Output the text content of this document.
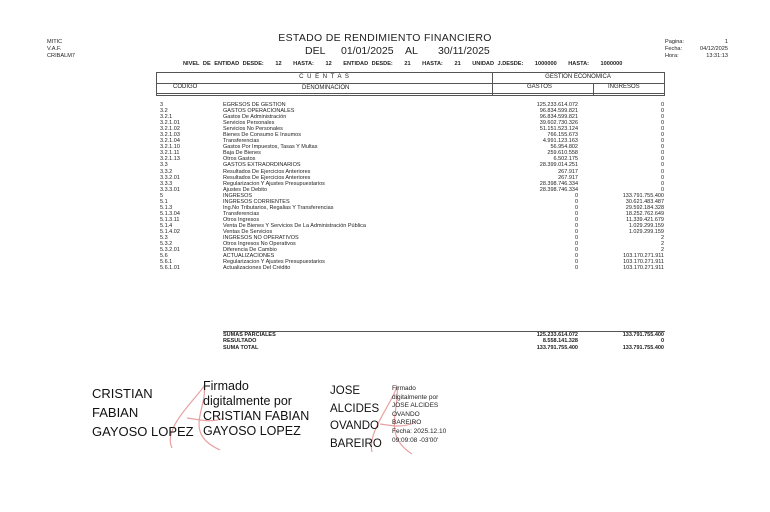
MITIC
V.A.F.
CRIBALM7
ESTADO DE RENDIMIENTO FINANCIERO
DEL 01/01/2025 AL 30/11/2025
Pagina:
Fecha:
Hora:
1
04/12/2025
13:31:13
NIVEL DE ENTIDAD DESDE: 12 HASTA: 12 ENTIDAD DESDE: 21 HASTA: 21 UNIDAD J.DESDE: 1000000 HASTA: 1000000
C U E N T A S	GESTION ECONOMICA
CODIGO	DENOMINACION	GASTOS	INGRESOS
3	EGRESOS DE GESTION	125.233.614.072	0
3.2	GASTOS OPERACIONALES	96.834.599.821	0
3.2.1	Gastos De Administración	96.834.599.821	0
3.2.1.01	Servicios Personales	39.602.730.326	0
3.2.1.02	Servicios No Personales	51.151.523.124	0
3.2.1.03	Bienes De Consumo E Insumos	766.155.673	0
3.2.1.04	Transferencias	4.991.123.163	0
3.2.1.10	Gastos Por Impuestos, Tasas Y Multas	56.954.802	0
3.2.1.11	Baja De Bienes	259.610.558	0
3.2.1.13	Otros Gastos	6.502.175	0
3.3	GASTOS EXTRAORDINARIOS	28.399.014.251	0
3.3.2	Resultados De Ejercicios Anteriores	267.917	0
3.3.2.01	Resultados De Ejercicios Anteriores	267.917	0
3.3.3	Regularizacion Y Ajustes Presupuestarios	28.398.746.334	0
3.3.3.01	Ajustes De Debito	28.398.746.334	0
5	INGRESOS	0	133.791.755.400
5.1	INGRESOS CORRIENTES	0	30.621.483.487
5.1.3	Ing.No Tributarios, Regalias Y Transferencias	0	29.592.184.328
5.1.3.04	Transferencias	0	18.252.762.649
5.1.3.11	Otros Ingresos	0	11.339.421.679
5.1.4	Venta De Bienes Y Servicios De La Administración Pública	0	1.029.299.159
5.1.4.02	Ventas De Servicios	0	1.029.299.159
5.3	INGRESOS NO OPERATIVOS	0	2
5.3.2	Otros Ingresos No Operativos	0	2
5.3.2.01	Diferencia De Cambio	0	2
5.6	ACTUALIZACIONES	0	103.170.271.911
5.6.1	Regularizacion Y Ajustes Presupuestarios	0	103.170.271.911
5.6.1.01	Actualizaciones Del Crédito	0	103.170.271.911
SUMAS PARCIALES	125.233.614.072	133.791.755.400
RESULTADO	8.558.141.328	0
SUMA TOTAL	133.791.755.400	133.791.755.400
CRISTIAN
FABIAN
GAYOSO LOPEZ
Firmado
digitalmente por
CRISTIAN FABIAN
GAYOSO LOPEZ
JOSE
ALCIDES
OVANDO
BAREIRO
Firmado
digitalmente por
JOSE ALCIDES
OVANDO
BAREIRO
Fecha: 2025.12.10
09:09:08 -03'00'
